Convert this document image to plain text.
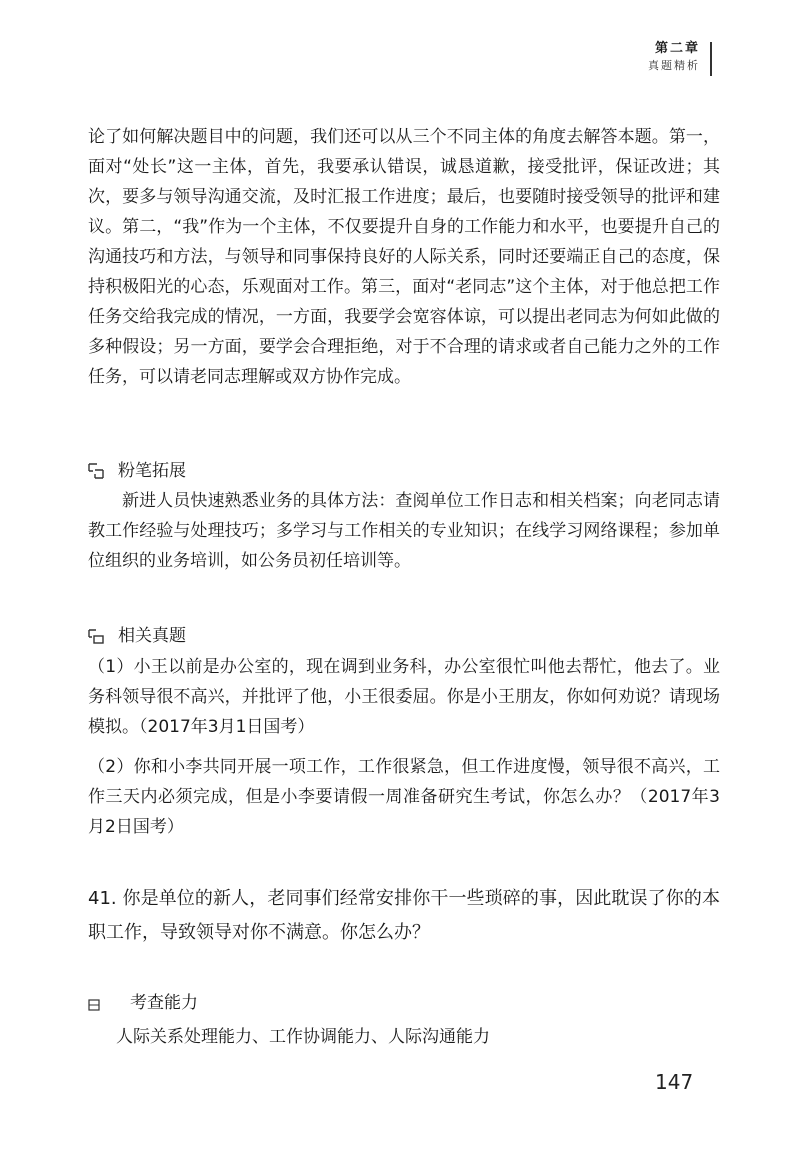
第二章
真题精析

论了如何解决题目中的问题，我们还可以从三个不同主体的角度去解答本题。第一，面对“处长”这一主体，首先，我要承认错误，诚恳道歉，接受批评，保证改进；其次，要多与领导沟通交流，及时汇报工作进度；最后，也要随时接受领导的批评和建议。第二，“我”作为一个主体，不仅要提升自身的工作能力和水平，也要提升自己的沟通技巧和方法，与领导和同事保持良好的人际关系，同时还要端正自己的态度，保持积极阳光的心态，乐观面对工作。第三，面对“老同志”这个主体，对于他总把工作任务交给我完成的情况，一方面，我要学会宽容体谅，可以提出老同志为何如此做的多种假设；另一方面，要学会合理拒绝，对于不合理的请求或者自己能力之外的工作任务，可以请老同志理解或双方协作完成。

粉笔拓展

新进人员快速熟悉业务的具体方法：查阅单位工作日志和相关档案；向老同志请教工作经验与处理技巧；多学习与工作相关的专业知识；在线学习网络课程；参加单位组织的业务培训，如公务员初任培训等。

相关真题

（1）小王以前是办公室的，现在调到业务科，办公室很忙叫他去帮忙，他去了。业务科领导很不高兴，并批评了他，小王很委屈。你是小王朋友，你如何劝说？请现场模拟。（2017年3月1日国考）

（2）你和小李共同开展一项工作，工作很紧急，但工作进度慢，领导很不高兴，工作三天内必须完成，但是小李要请假一周准备研究生考试，你怎么办？（2017年3月2日国考）

41. 你是单位的新人，老同事们经常安排你干一些琐碎的事，因此耽误了你的本职工作，导致领导对你不满意。你怎么办？

考查能力

人际关系处理能力、工作协调能力、人际沟通能力

147
